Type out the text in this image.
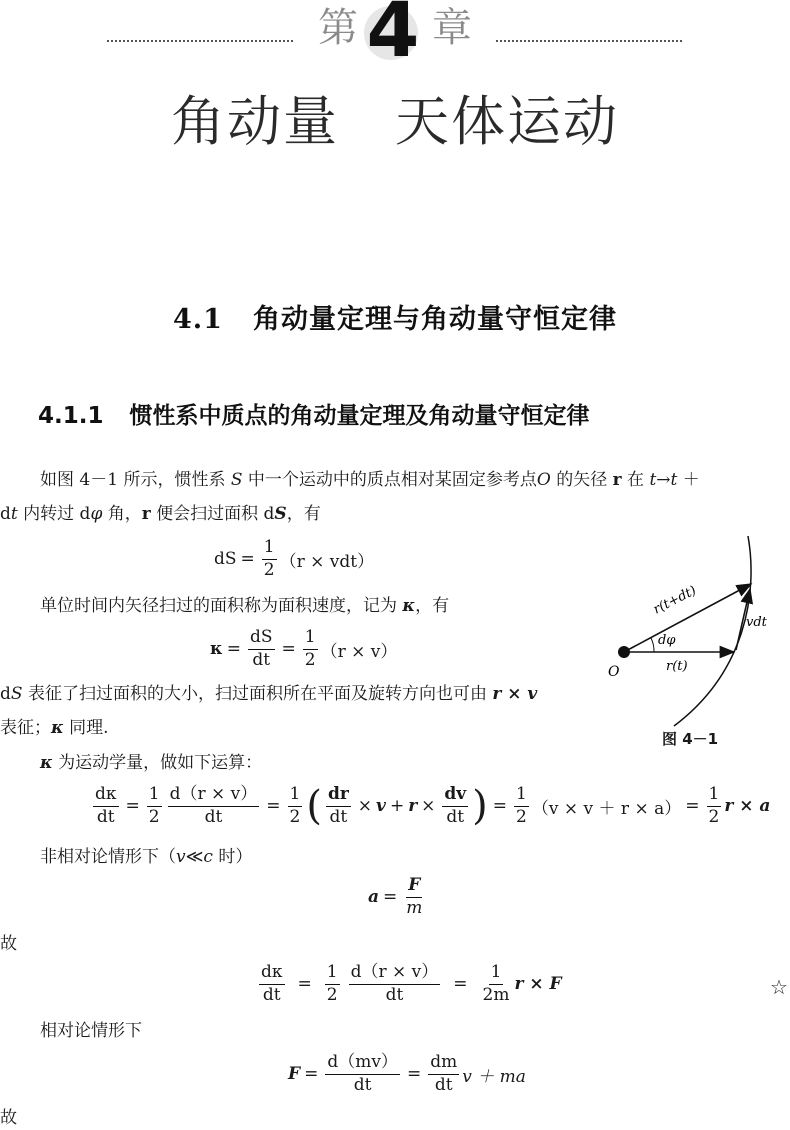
第 4 章
角动量　天体运动
4.1 角动量定理与角动量守恒定律
4.1.1 惯性系中质点的角动量定理及角动量守恒定律
如图 4－1 所示，惯性系 S 中一个运动中的质点相对某固定参考点O 的矢径 r 在 t→t ＋
dt 内转过 dφ 角，r 便会扫过面积 dS，有
dS = $\frac{1}{2} (r \times vdt)$
单位时间内矢径扫过的面积称为面积速度，记为 κ，有
$\kappa = \frac{dS}{dt} = \frac{1}{2} (r \times v)$
dS 表征了扫过面积的大小，扫过面积所在平面及旋转方向也可由 r × v
表征；κ 同理.
κ 为运动学量，做如下运算：
$\frac{d\kappa}{dt} = \frac{1}{2} \frac{d(r \times v)}{dt} = \frac{1}{2}$ ( $\frac{dr}{dt} \times v + r \times \frac{dv}{dt}$ ) = $\frac{1}{2} (v \times v + r \times a) = \frac{1}{2}$ r × a
非相对论情形下（v≪c 时）
$a = \frac{F}{m}$
故
$\frac{d\kappa}{dt} = \frac{1}{2} \frac{d(r \times v)}{dt} = \frac{1}{2m}$ r × F	☆
相对论情形下
$F = \frac{d(mv)}{dt} = \frac{dm}{dt}$ v ＋ ma
故
r(t+dt)
dφ
r(t)
O
vdt
图 4－1
